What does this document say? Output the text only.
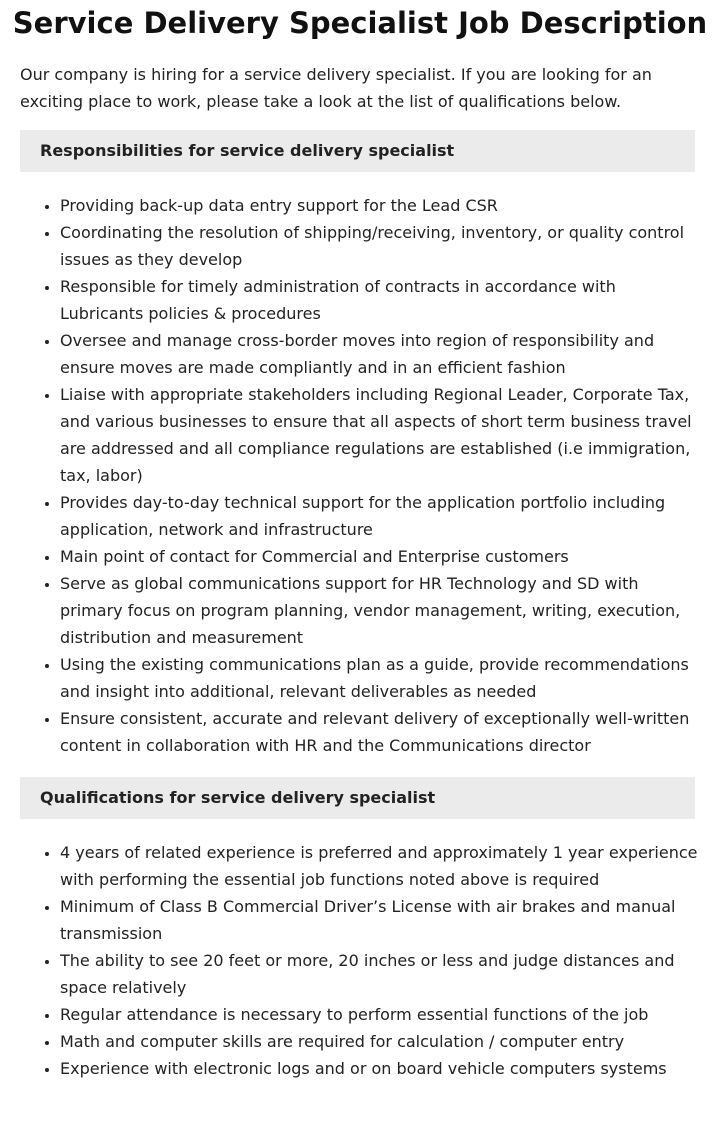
Service Delivery Specialist Job Description

Our company is hiring for a service delivery specialist. If you are looking for an exciting place to work, please take a look at the list of qualifications below.

Responsibilities for service delivery specialist
• Providing back-up data entry support for the Lead CSR
• Coordinating the resolution of shipping/receiving, inventory, or quality control issues as they develop
• Responsible for timely administration of contracts in accordance with Lubricants policies & procedures
• Oversee and manage cross-border moves into region of responsibility and ensure moves are made compliantly and in an efficient fashion
• Liaise with appropriate stakeholders including Regional Leader, Corporate Tax, and various businesses to ensure that all aspects of short term business travel are addressed and all compliance regulations are established (i.e immigration, tax, labor)
• Provides day-to-day technical support for the application portfolio including application, network and infrastructure
• Main point of contact for Commercial and Enterprise customers
• Serve as global communications support for HR Technology and SD with primary focus on program planning, vendor management, writing, execution, distribution and measurement
• Using the existing communications plan as a guide, provide recommendations and insight into additional, relevant deliverables as needed
• Ensure consistent, accurate and relevant delivery of exceptionally well-written content in collaboration with HR and the Communications director
Qualifications for service delivery specialist
• 4 years of related experience is preferred and approximately 1 year experience with performing the essential job functions noted above is required
• Minimum of Class B Commercial Driver’s License with air brakes and manual transmission
• The ability to see 20 feet or more, 20 inches or less and judge distances and space relatively
• Regular attendance is necessary to perform essential functions of the job
• Math and computer skills are required for calculation / computer entry
• Experience with electronic logs and or on board vehicle computers systems
